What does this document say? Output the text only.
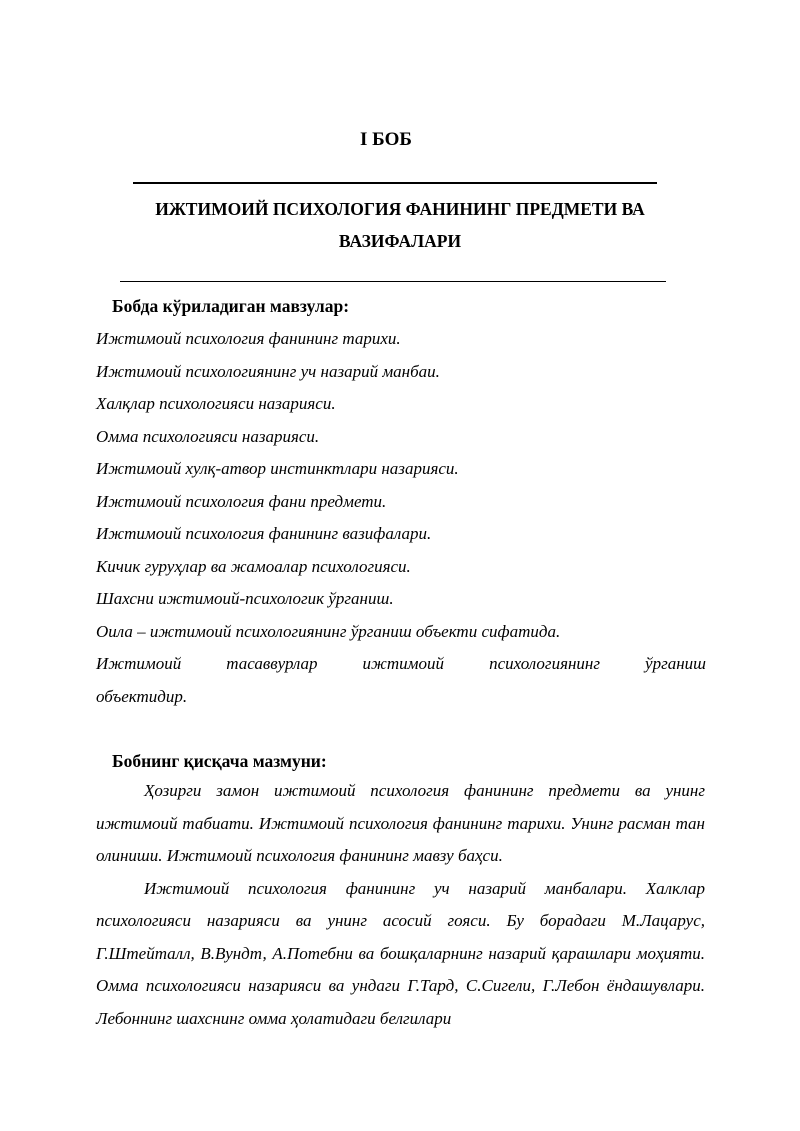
I БОБ
ИЖТИМОИЙ ПСИХОЛОГИЯ ФАНИНИНГ ПРЕДМЕТИ ВА
ВАЗИФАЛАРИ

Бобда кўриладиган мавзулар:

Ижтимоий психология фанининг тарихи.
Ижтимоий психологиянинг уч назарий манбаи.
Халқлар психологияси назарияси.
Омма психологияси назарияси.
Ижтимоий хулқ-атвор инстинктлари назарияси.
Ижтимоий психология фани предмети.
Ижтимоий психология фанининг вазифалари.
Кичик гуруҳлар ва жамоалар психологияси.
Шахсни ижтимоий-психологик ўрганиш.
Оила – ижтимоий психологиянинг ўрганиш объекти сифатида.
Ижтимоий тасаввурлар ижтимоий психологиянинг ўрганиш
объектидир.

Бобнинг қисқача мазмуни:

Ҳозирги замон ижтимоий психология фанининг предмети ва унинг ижтимоий табиати. Ижтимоий психология фанининг тарихи. Унинг расман тан олиниши. Ижтимоий психология фанининг мавзу баҳси.

Ижтимоий психология фанининг уч назарий манбалари. Халклар психологияси назарияси ва унинг асосий гояси. Бу борадаги М.Лацарус, Г.Штейталл, В.Вундт, А.Потебни ва бошқаларнинг назарий қарашлари моҳияти. Омма психологияси назарияси ва ундаги Г.Тард, С.Сигели, Г.Лебон ёндашувлари. Лебоннинг шахснинг омма ҳолатидаги белгилари
